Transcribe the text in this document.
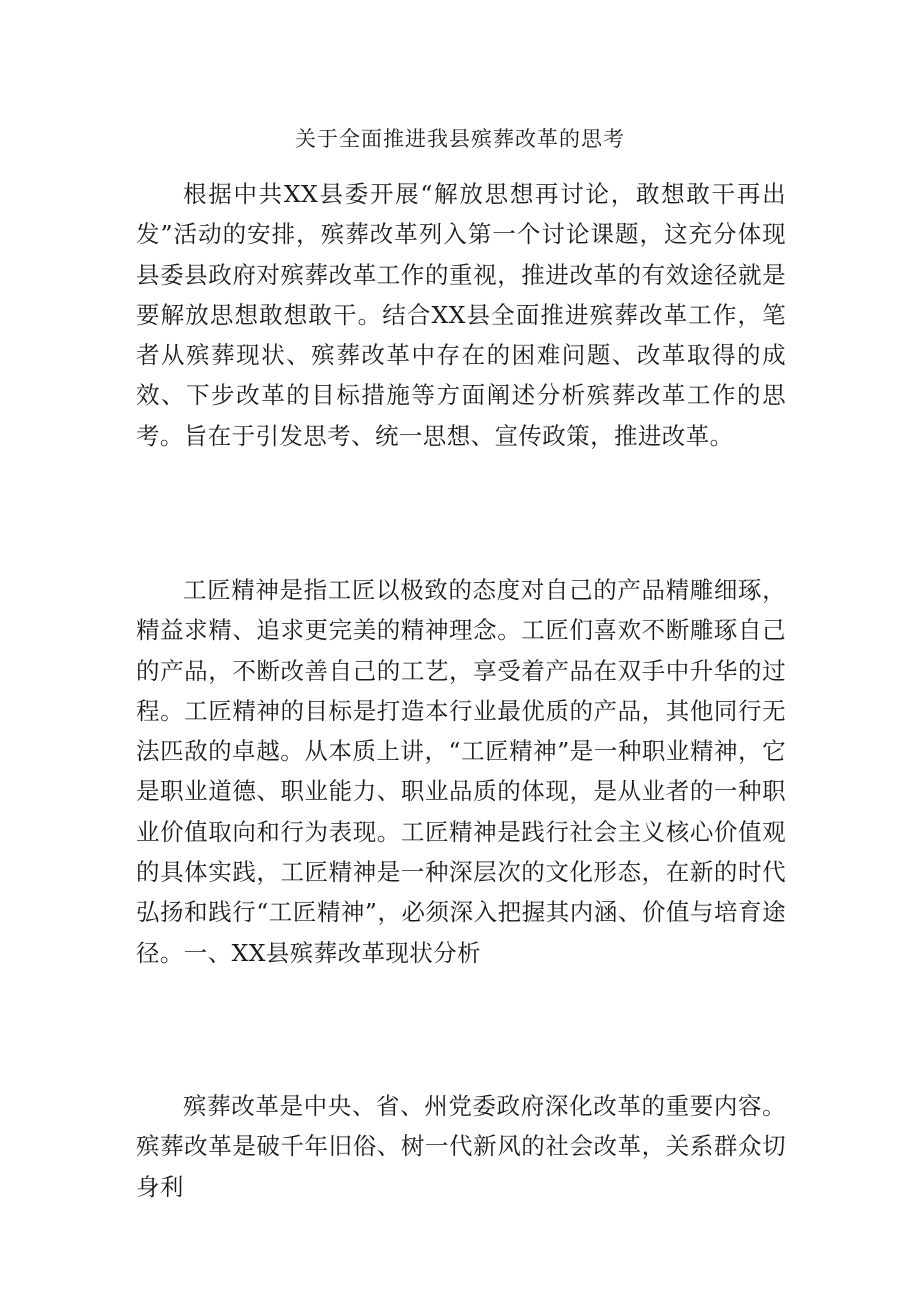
关于全面推进我县殡葬改革的思考

根据中共XX县委开展“解放思想再讨论，敢想敢干再出发”活动的安排，殡葬改革列入第一个讨论课题，这充分体现县委县政府对殡葬改革工作的重视，推进改革的有效途径就是要解放思想敢想敢干。结合XX县全面推进殡葬改革工作，笔者从殡葬现状、殡葬改革中存在的困难问题、改革取得的成效、下步改革的目标措施等方面阐述分析殡葬改革工作的思考。旨在于引发思考、统一思想、宣传政策，推进改革。

工匠精神是指工匠以极致的态度对自己的产品精雕细琢，精益求精、追求更完美的精神理念。工匠们喜欢不断雕琢自己的产品，不断改善自己的工艺，享受着产品在双手中升华的过程。工匠精神的目标是打造本行业最优质的产品，其他同行无法匹敌的卓越。从本质上讲，“工匠精神”是一种职业精神，它是职业道德、职业能力、职业品质的体现，是从业者的一种职业价值取向和行为表现。工匠精神是践行社会主义核心价值观的具体实践，工匠精神是一种深层次的文化形态，在新的时代弘扬和践行“工匠精神”，必须深入把握其内涵、价值与培育途径。一、XX县殡葬改革现状分析

殡葬改革是中央、省、州党委政府深化改革的重要内容。殡葬改革是破千年旧俗、树一代新风的社会改革，关系群众切身利
